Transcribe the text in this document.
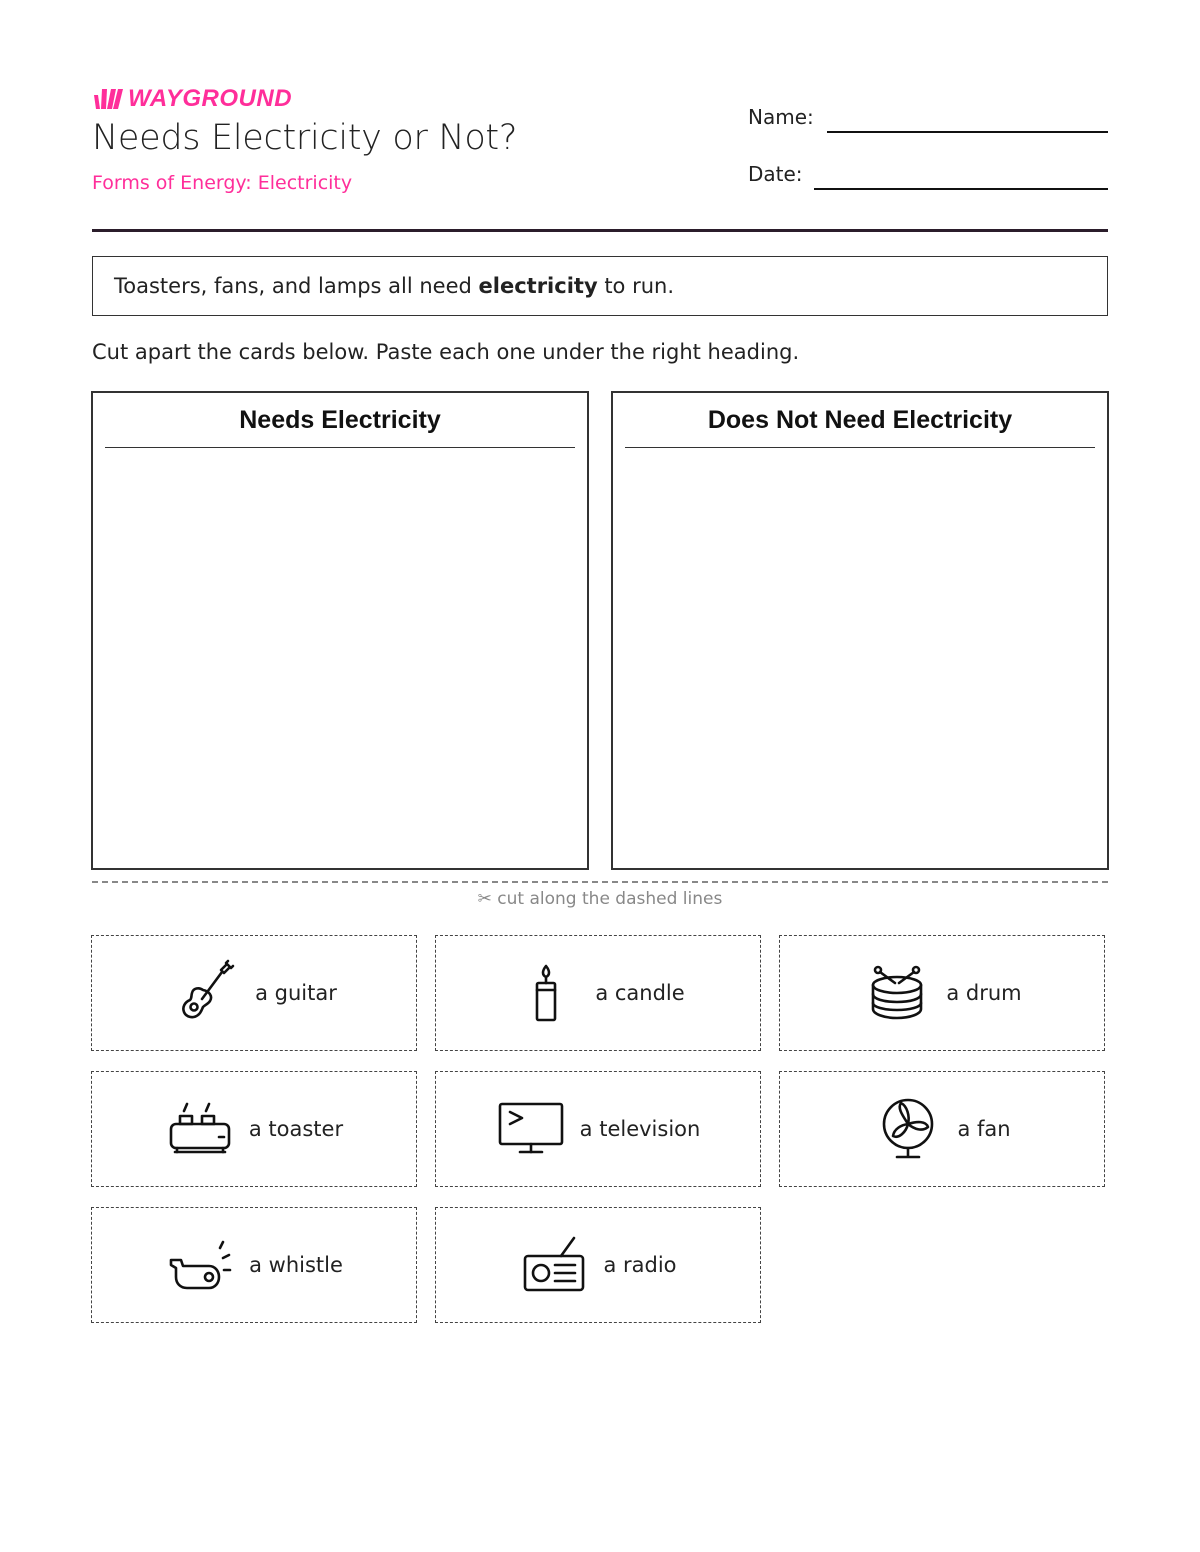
WAYGROUND
Needs Electricity or Not?
Forms of Energy: Electricity
Name:
Date:
Toasters, fans, and lamps all need electricity to run.
Cut apart the cards below. Paste each one under the right heading.
Needs Electricity	Does Not Need Electricity
✂ cut along the dashed lines
a guitar	a candle	a drum
a toaster	a television	a fan
a whistle	a radio
